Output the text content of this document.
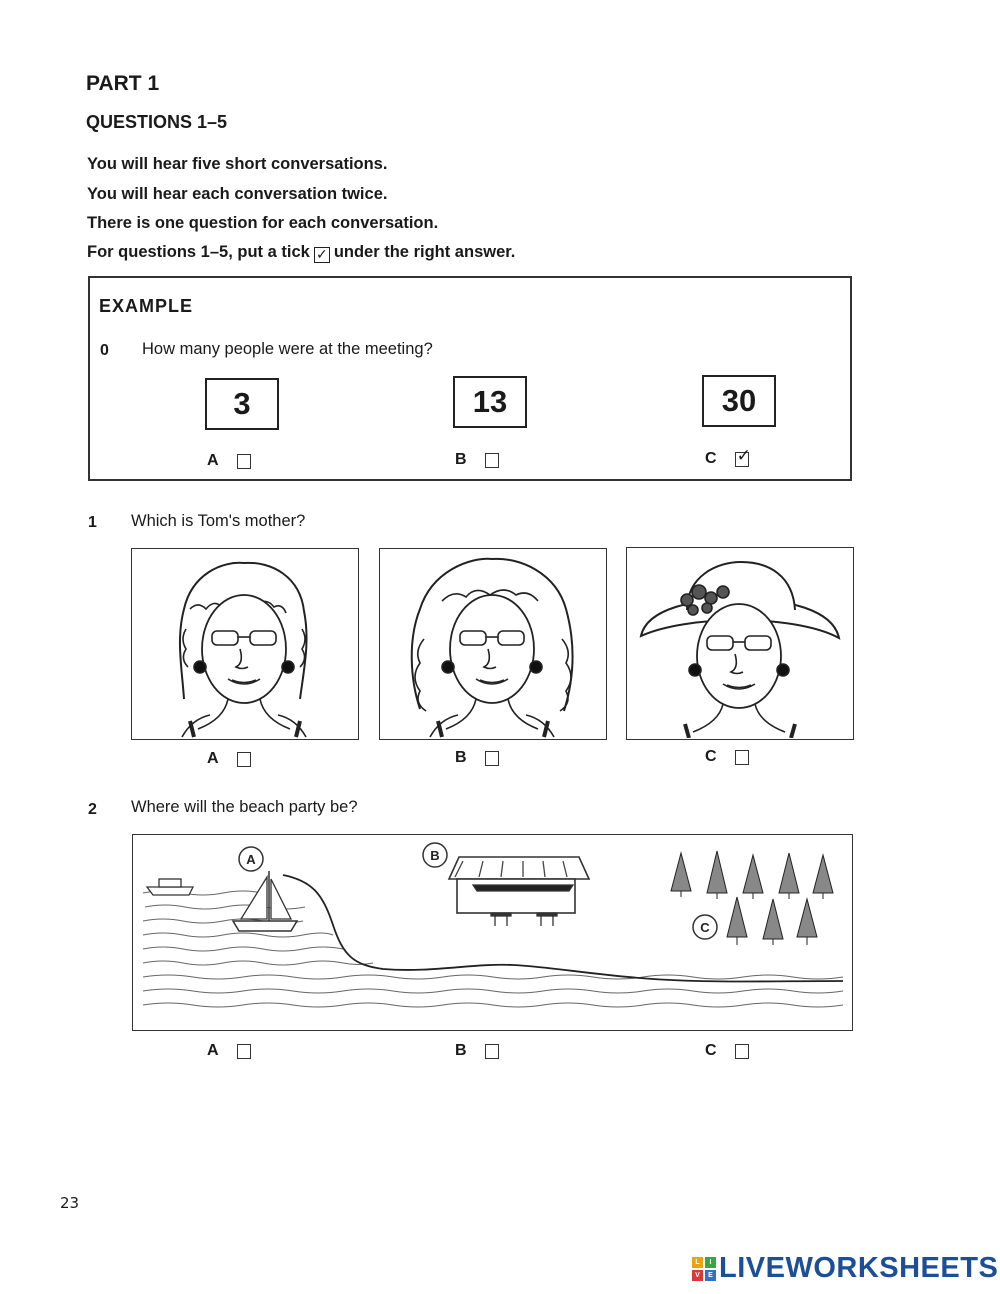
PART 1
QUESTIONS 1–5
You will hear five short conversations.
You will hear each conversation twice.
There is one question for each conversation.
For questions 1–5, put a tick ✓ under the right answer.
EXAMPLE
0 How many people were at the meeting?
3	13	30
A	B	C ✓
1 Which is Tom's mother?
A	B	C
2 Where will the beach party be?
A	B
C
A	B	C
23
L	I
V	E LIVEWORKSHEETS
